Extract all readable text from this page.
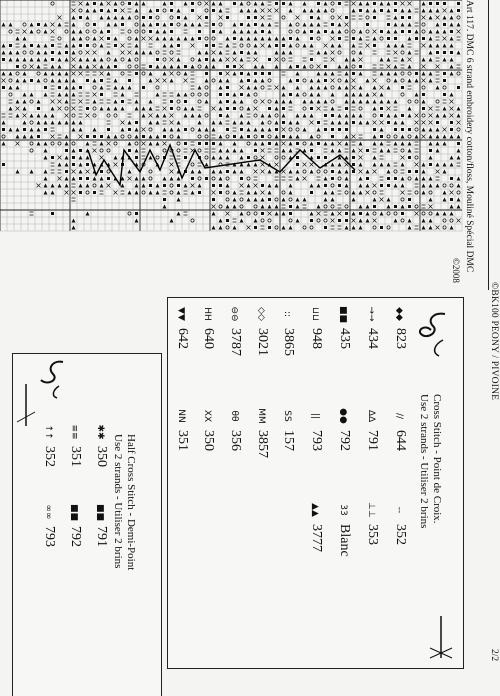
Art 117. DMC 6 strand embroidery cotton/floss, Mouliné Spécial DMC
©2008
©BK100 PEONY / PIVOINE
2/2
Cross Stitch - Point de Croix.
Use 2 strands - Utiliser 2 brins
◆◆823
→→434
■■435
⊔⊔948
::3865
◇◇3021
⊖⊖3787
HH640
▼▼642
//644
ΔΔ791
●●792
||793
SS157
MM3857
θθ356
XX350
NN351
--352
⊥⊥353
33Blanc
▲▲3777
Half Cross Stitch - Demi-Point
Use 2 strands - Utiliser 2 brins
✱✱350
≡≡351
↑↑352
■■791
■■792
∞∞793
